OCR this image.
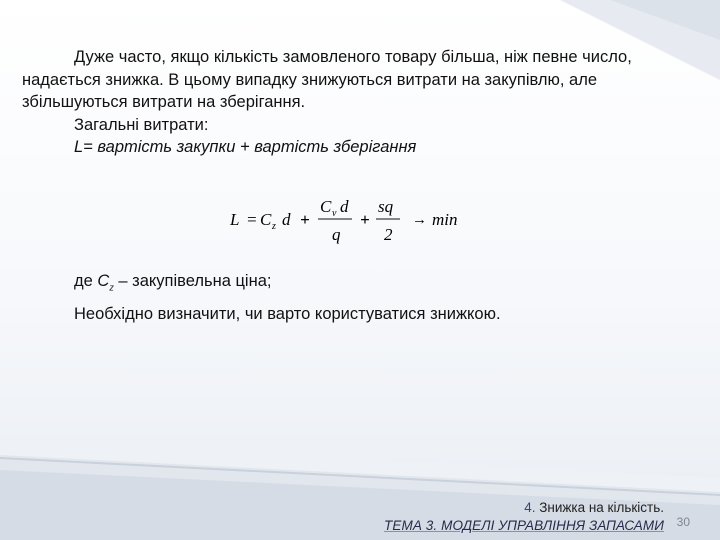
Дуже часто, якщо кількість замовленого товару більша, ніж певне число, надається знижка. В цьому випадку знижуються витрати на закупівлю, але збільшуються витрати на зберігання.

Загальні витрати:

L= вартість закупки + вартість зберігання

L = C z d +
C v d
q
+
sq
2
→ min
де $C_z$ – закупівельна ціна;
Необхідно визначити, чи варто користуватися знижкою.
4. Знижка на кількість.
ТЕМА 3. МОДЕЛІ УПРАВЛІННЯ ЗАПАСАМИ 30
